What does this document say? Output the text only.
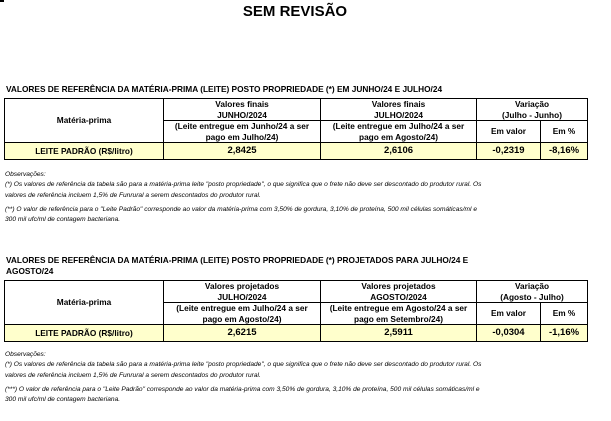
SEM REVISÃO
VALORES DE REFERÊNCIA DA MATÉRIA-PRIMA (LEITE) POSTO PROPRIEDADE (*) EM JUNHO/24 E JULHO/24
Matéria-prima	Valores finais	Valores finais	Variação	
	JUNHO/2024	JULHO/2024	(Julho - Junho)	
	(Leite entregue em Junho/24 a ser pago em Julho/24)	(Leite entregue em Julho/24 a ser pago em Agosto/24)	Em valor	Em %
LEITE PADRÃO (R$/litro)	2,8425	2,6106	-0,2319	-8,16%
Observações:
(*) Os valores de referência da tabela são para a matéria-prima leite "posto propriedade", o que significa que o frete não deve ser descontado do produtor rural. Os
valores de referência incluem 1,5% de Funrural a serem descontados do produtor rural.
(**) O valor de referência para o "Leite Padrão" corresponde ao valor da matéria-prima com 3,50% de gordura, 3,10% de proteína, 500 mil células somáticas/ml e
300 mil ufc/ml de contagem bacteriana.
VALORES DE REFERÊNCIA DA MATÉRIA-PRIMA (LEITE) POSTO PROPRIEDADE (*) PROJETADOS PARA JULHO/24 E
AGOSTO/24
Matéria-prima	Valores projetados	Valores projetados	Variação	
	JULHO/2024	AGOSTO/2024	(Agosto - Julho)	
	(Leite entregue em Julho/24 a ser pago em Agosto/24)	(Leite entregue em Agosto/24 a ser pago em Setembro/24)	Em valor	Em %
LEITE PADRÃO (R$/litro)	2,6215	2,5911	-0,0304	-1,16%
Observações:
(*) Os valores de referência da tabela são para a matéria-prima leite "posto propriedade", o que significa que o frete não deve ser descontado do produtor rural. Os
valores de referência incluem 1,5% de Funrural a serem descontados do produtor rural.
(***) O valor de referência para o "Leite Padrão" corresponde ao valor da matéria-prima com 3,50% de gordura, 3,10% de proteína, 500 mil células somáticas/ml e
300 mil ufc/ml de contagem bacteriana.
